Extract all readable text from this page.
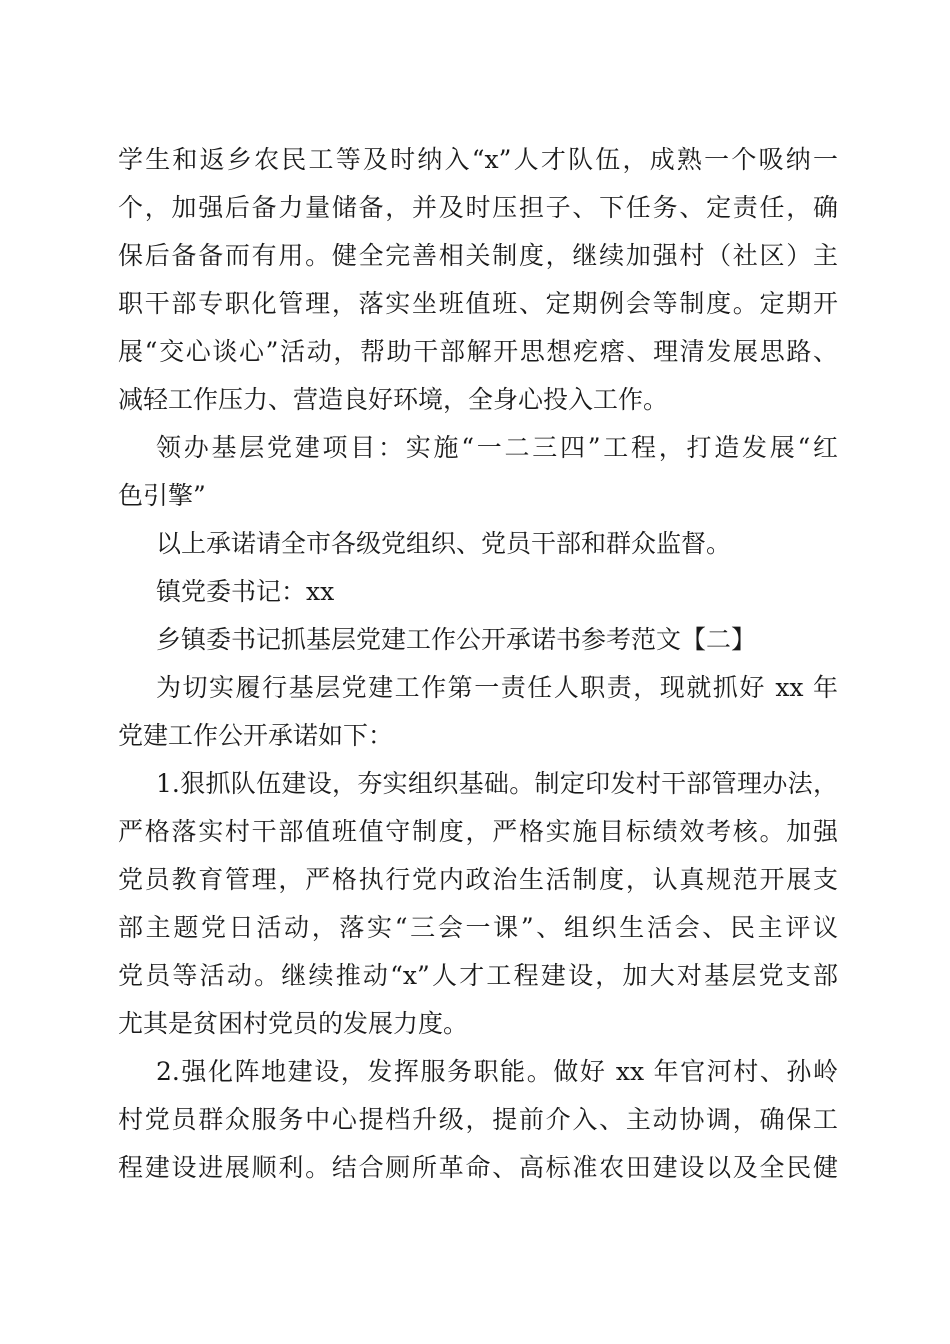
学生和返乡农民工等及时纳入“x”人才队伍，成熟一个吸纳一
个，加强后备力量储备，并及时压担子、下任务、定责任，确
保后备备而有用。健全完善相关制度，继续加强村（社区）主
职干部专职化管理，落实坐班值班、定期例会等制度。定期开
展“交心谈心”活动，帮助干部解开思想疙瘩、理清发展思路、
减轻工作压力、营造良好环境，全身心投入工作。
领办基层党建项目：实施“一二三四”工程，打造发展“红
色引擎”
以上承诺请全市各级党组织、党员干部和群众监督。
镇党委书记：xx
乡镇委书记抓基层党建工作公开承诺书参考范文【二】
为切实履行基层党建工作第一责任人职责，现就抓好 xx 年
党建工作公开承诺如下：
1.狠抓队伍建设，夯实组织基础。制定印发村干部管理办法，
严格落实村干部值班值守制度，严格实施目标绩效考核。加强
党员教育管理，严格执行党内政治生活制度，认真规范开展支
部主题党日活动，落实“三会一课”、组织生活会、民主评议
党员等活动。继续推动“x”人才工程建设，加大对基层党支部
尤其是贫困村党员的发展力度。
2.强化阵地建设，发挥服务职能。做好 xx 年官河村、孙岭
村党员群众服务中心提档升级，提前介入、主动协调，确保工
程建设进展顺利。结合厕所革命、高标准农田建设以及全民健
